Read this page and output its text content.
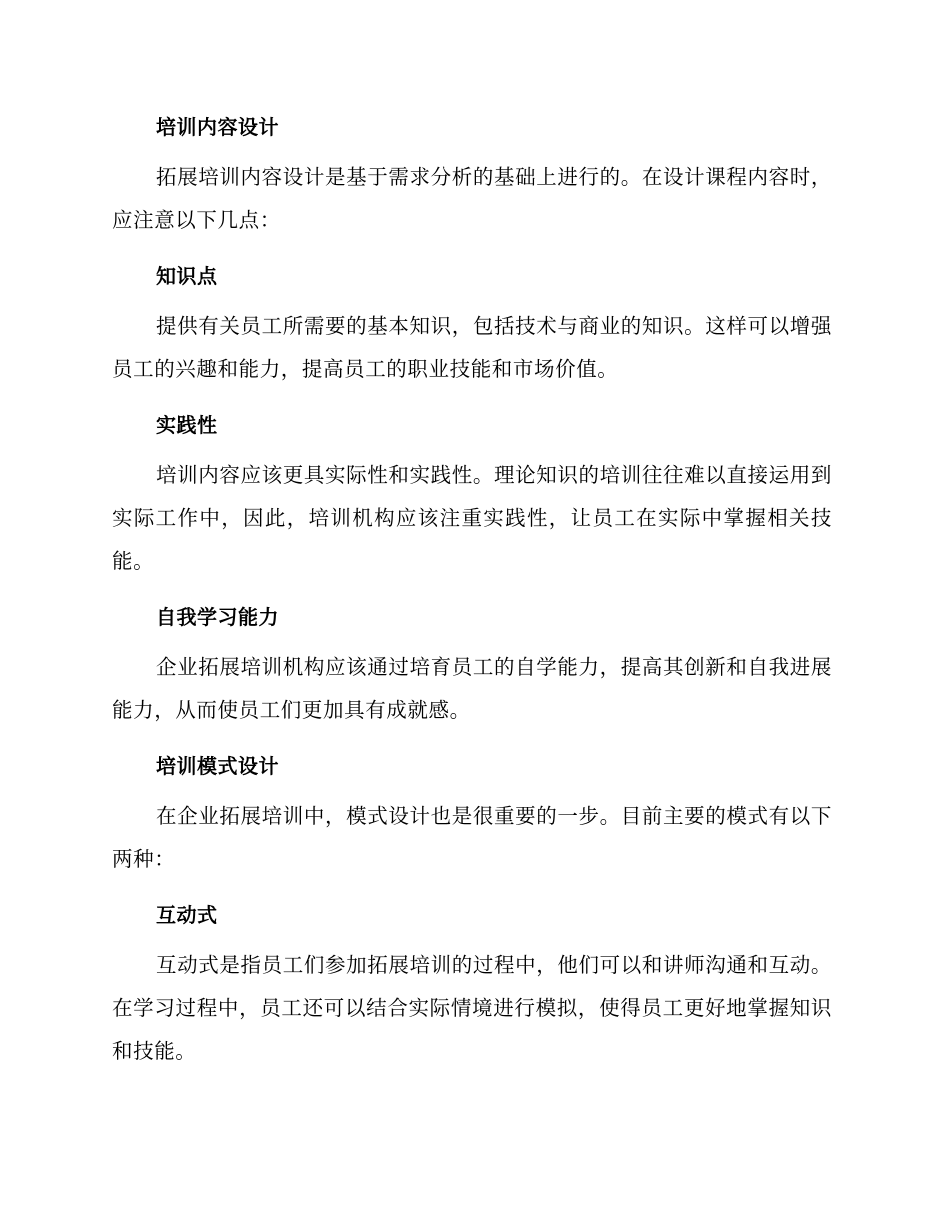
培训内容设计

拓展培训内容设计是基于需求分析的基础上进行的。在设计课程内容时，应注意以下几点：

知识点

提供有关员工所需要的基本知识，包括技术与商业的知识。这样可以增强员工的兴趣和能力，提高员工的职业技能和市场价值。

实践性

培训内容应该更具实际性和实践性。理论知识的培训往往难以直接运用到实际工作中，因此，培训机构应该注重实践性，让员工在实际中掌握相关技能。

自我学习能力

企业拓展培训机构应该通过培育员工的自学能力，提高其创新和自我进展能力，从而使员工们更加具有成就感。

培训模式设计

在企业拓展培训中，模式设计也是很重要的一步。目前主要的模式有以下两种：

互动式

互动式是指员工们参加拓展培训的过程中，他们可以和讲师沟通和互动。在学习过程中，员工还可以结合实际情境进行模拟，使得员工更好地掌握知识和技能。
